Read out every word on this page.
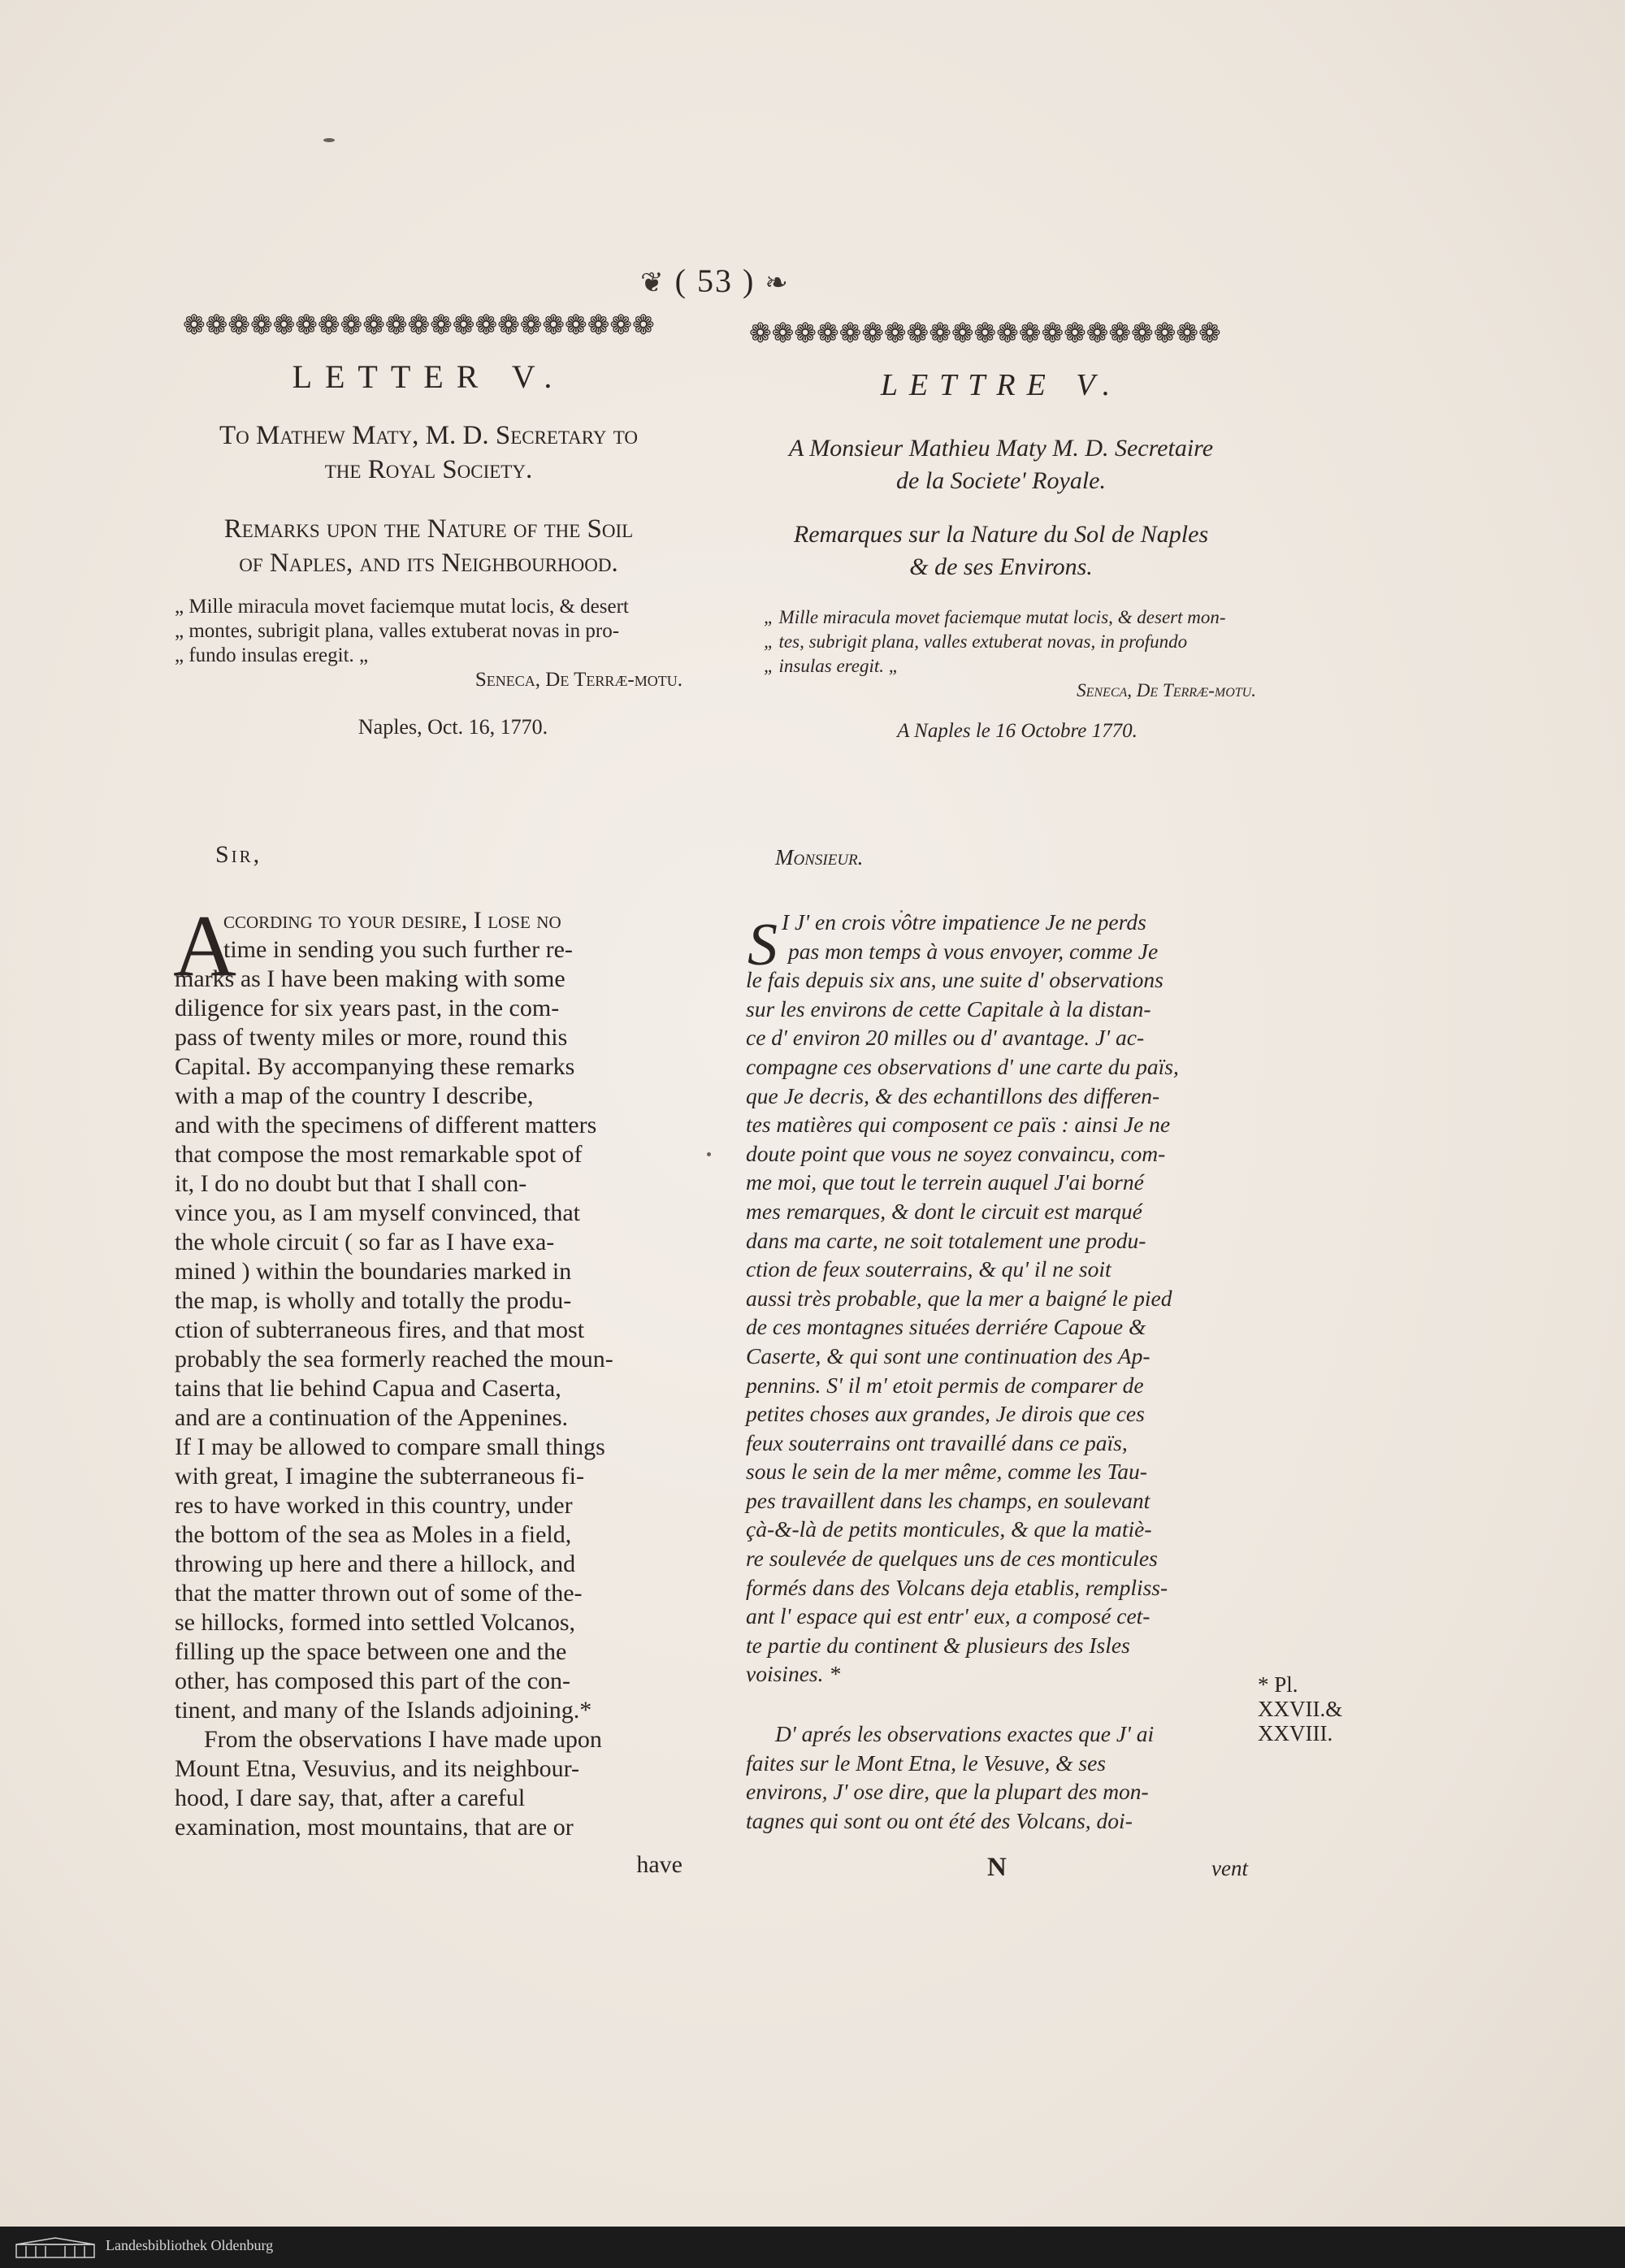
❦ ( 53 ) ❧
❁❁❁❁❁❁❁❁❁❁❁❁❁❁❁❁❁❁❁❁❁	❁❁❁❁❁❁❁❁❁❁❁❁❁❁❁❁❁❁❁❁❁
LETTER V.
To Mathew Maty, M. D. Secretary to
the Royal Society.
Remarks upon the Nature of the Soil
of Naples, and its Neighbourhood.
„ Mille miracula movet faciemque mutat locis, & desert
„ montes, subrigit plana, valles extuberat novas in pro-
„ fundo insulas eregit. „
Seneca, De Terræ-motu.
Naples, Oct. 16, 1770.
Sir,
A
ccording to your desire, I lose no
time in sending you such further re-
marks as I have been making with some
diligence for six years past, in the com-
pass of twenty miles or more, round this
Capital. By accompanying these remarks
with a map of the country I describe,
and with the specimens of different matters
that compose the most remarkable spot of
it, I do no doubt but that I shall con-
vince you, as I am myself convinced, that
the whole circuit ( so far as I have exa-
mined ) within the boundaries marked in
the map, is wholly and totally the produ-
ction of subterraneous fires, and that most
probably the sea formerly reached the moun-
tains that lie behind Capua and Caserta,
and are a continuation of the Appenines.
If I may be allowed to compare small things
with great, I imagine the subterraneous fi-
res to have worked in this country, under
the bottom of the sea as Moles in a field,
throwing up here and there a hillock, and
that the matter thrown out of some of the-
se hillocks, formed into settled Volcanos,
filling up the space between one and the
other, has composed this part of the con-
tinent, and many of the Islands adjoining.*
From the observations I have made upon
Mount Etna, Vesuvius, and its neighbour-
hood, I dare say, that, after a careful
examination, most mountains, that are or
have
LETTRE V.
A Monsieur Mathieu Maty M. D. Secretaire
de la Societe' Royale.
Remarques sur la Nature du Sol de Naples
& de ses Environs.
„ Mille miracula movet faciemque mutat locis, & desert mon-
„ tes, subrigit plana, valles extuberat novas, in profundo
„ insulas eregit. „
Seneca, De Terræ-motu.
A Naples le 16 Octobre 1770.
Monsieur.
S I J' en crois vôtre impatience Je ne perds
pas mon temps à vous envoyer, comme Je
le fais depuis six ans, une suite d' observations
sur les environs de cette Capitale à la distan-
ce d' environ 20 milles ou d' avantage. J' ac-
compagne ces observations d' une carte du païs,
que Je decris, & des echantillons des differen-
tes matières qui composent ce païs : ainsi Je ne
doute point que vous ne soyez convaincu, com-
me moi, que tout le terrein auquel J'ai borné
mes remarques, & dont le circuit est marqué
dans ma carte, ne soit totalement une produ-
ction de feux souterrains, & qu' il ne soit
aussi très probable, que la mer a baigné le pied
de ces montagnes situées derriére Capoue &
Caserte, & qui sont une continuation des Ap-
pennins. S' il m' etoit permis de comparer de
petites choses aux grandes, Je dirois que ces
feux souterrains ont travaillé dans ce païs,
sous le sein de la mer même, comme les Tau-
pes travaillent dans les champs, en soulevant
çà-&-là de petits monticules, & que la matiè-
re soulevée de quelques uns de ces monticules
formés dans des Volcans deja etablis, rempliss-
ant l' espace qui est entr' eux, a composé cet-
te partie du continent & plusieurs des Isles
voisines. *
D' aprés les observations exactes que J' ai
faites sur le Mont Etna, le Vesuve, & ses
environs, J' ose dire, que la plupart des mon-
tagnes qui sont ou ont été des Volcans, doi-
N	vent
* Pl.
XXVII.&
XXVIII.
Landesbibliothek Oldenburg
